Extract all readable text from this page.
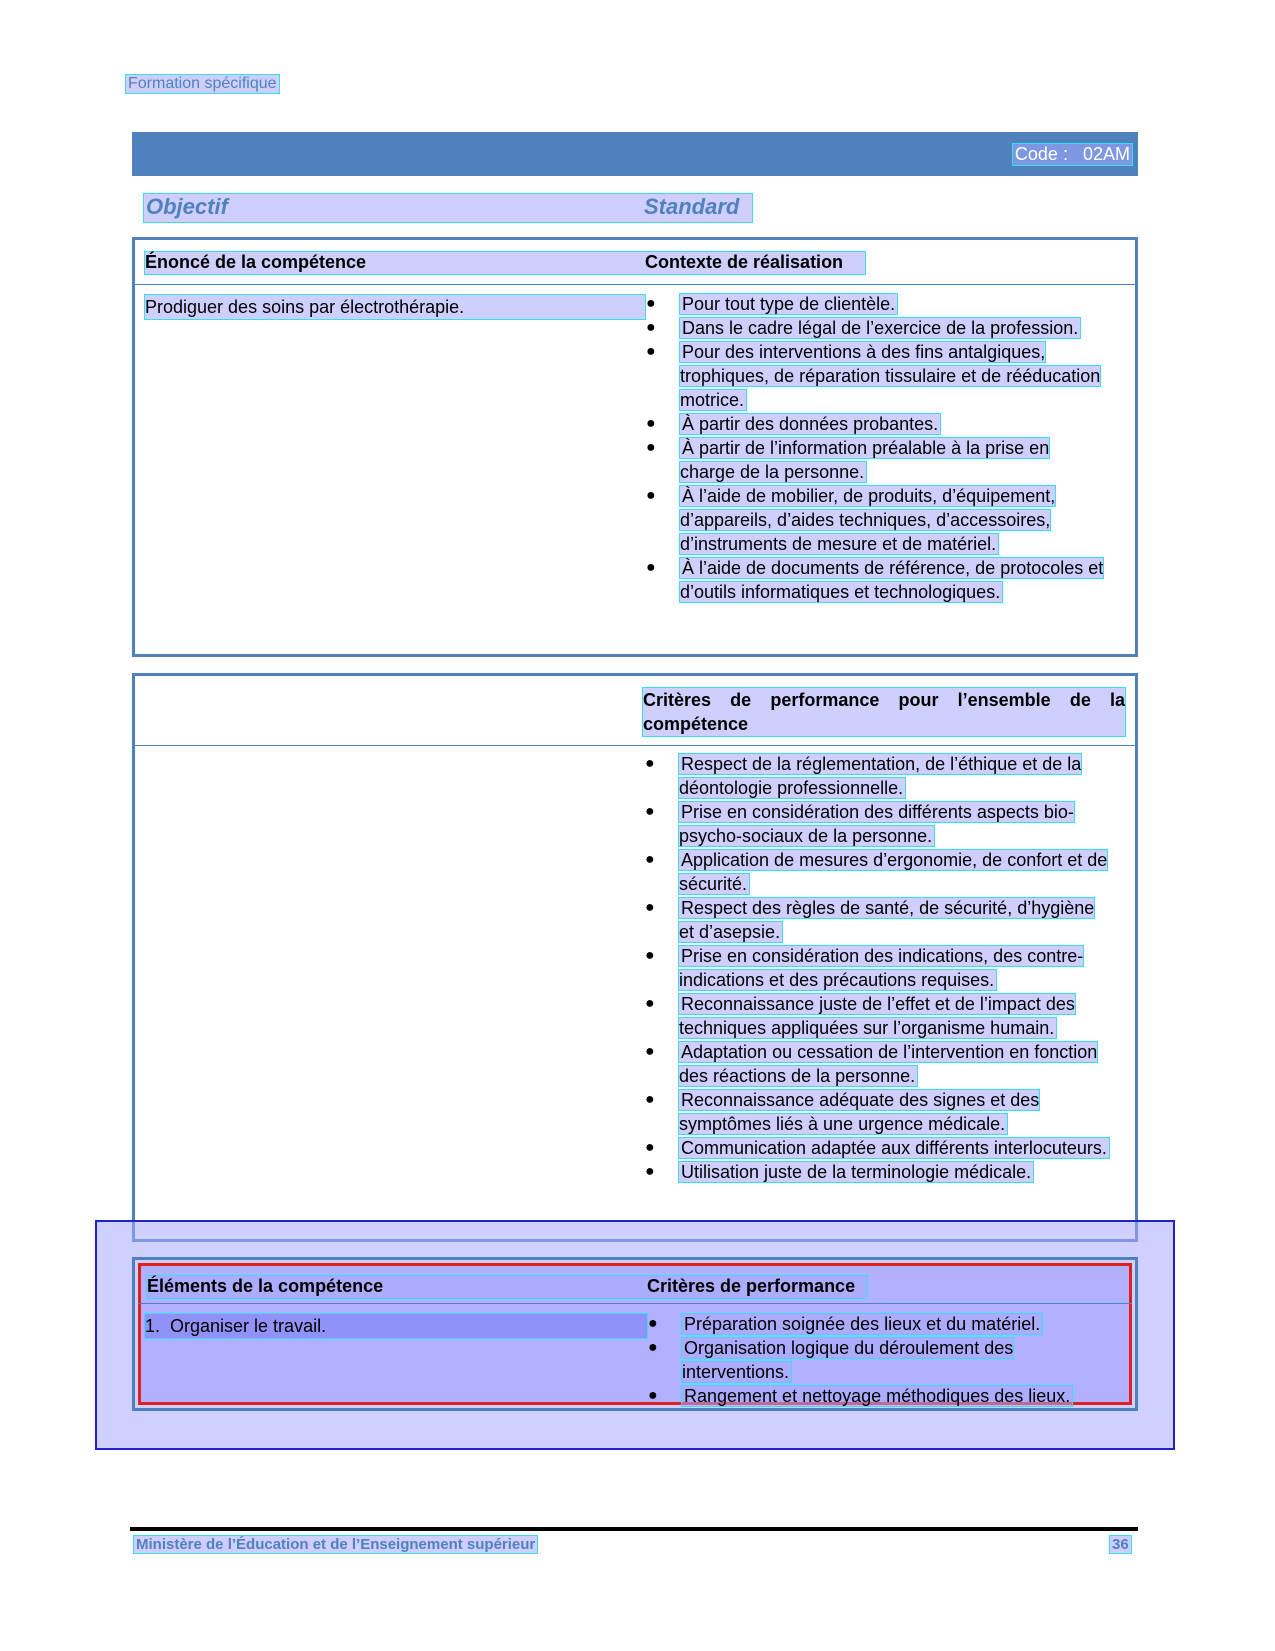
Formation spécifique
Code : 02AM
Objectif	Standard
Énoncé de la compétence	Contexte de réalisation
Prodiguer des soins par électrothérapie.	● Pour tout type de clientèle.
● Dans le cadre légal de l’exercice de la profession.
● Pour des interventions à des fins antalgiques, trophiques, de réparation tissulaire et de rééducation motrice.
● À partir des données probantes.
● À partir de l’information préalable à la prise en charge de la personne.
● À l’aide de mobilier, de produits, d’équipement, d’appareils, d’aides techniques, d’accessoires, d’instruments de mesure et de matériel.
● À l’aide de documents de référence, de protocoles et d’outils informatiques et technologiques.
Critères de performance pour l’ensemble de la compétence
● Respect de la réglementation, de l’éthique et de la déontologie professionnelle.
● Prise en considération des différents aspects bio-psycho-sociaux de la personne.
● Application de mesures d’ergonomie, de confort et de sécurité.
● Respect des règles de santé, de sécurité, d’hygiène et d’asepsie.
● Prise en considération des indications, des contre-indications et des précautions requises.
● Reconnaissance juste de l’effet et de l’impact des techniques appliquées sur l’organisme humain.
● Adaptation ou cessation de l’intervention en fonction des réactions de la personne.
● Reconnaissance adéquate des signes et des symptômes liés à une urgence médicale.
● Communication adaptée aux différents interlocuteurs.
● Utilisation juste de la terminologie médicale.
Éléments de la compétence	Critères de performance
1.  Organiser le travail.	● Préparation soignée des lieux et du matériel.
● Organisation logique du déroulement des interventions.
● Rangement et nettoyage méthodiques des lieux.
Ministère de l’Éducation et de l’Enseignement supérieur	36
